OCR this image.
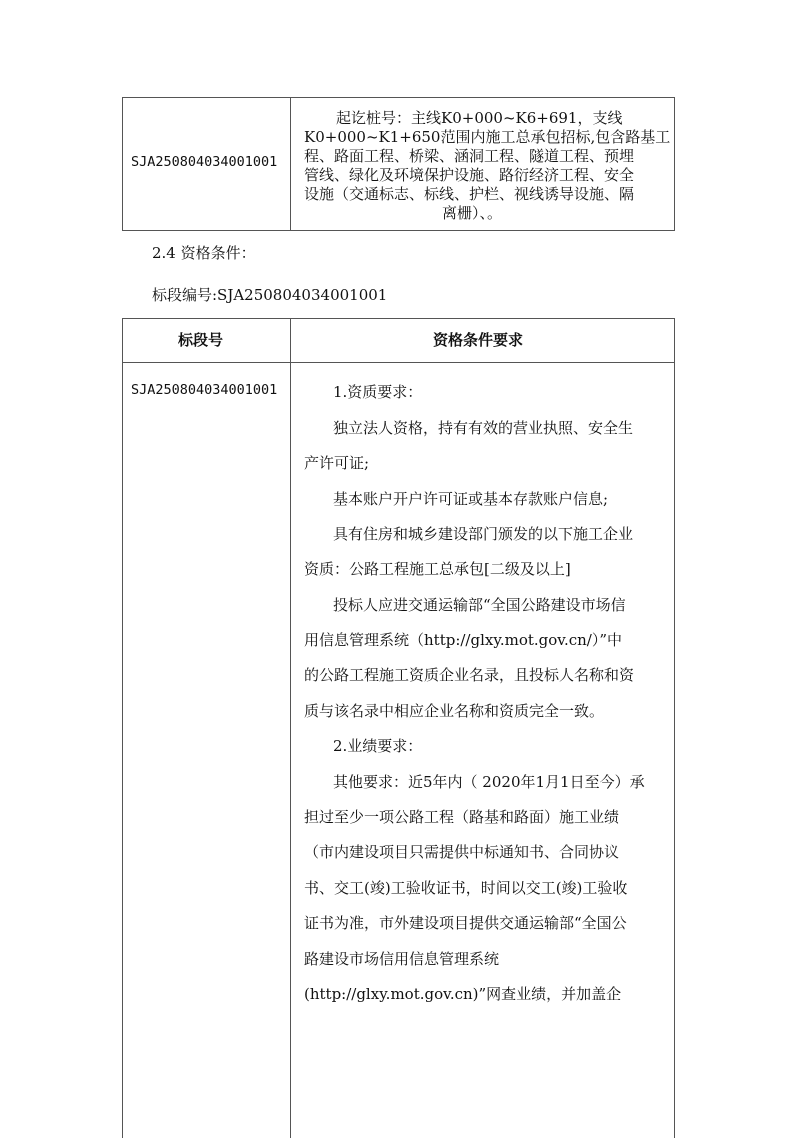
SJA250804034001001
起讫桩号：主线K0+000~K6+691，支线
K0+000~K1+650范围内施工总承包招标,包含路基工
程、路面工程、桥梁、涵洞工程、隧道工程、预埋
管线、绿化及环境保护设施、路衍经济工程、安全
设施（交通标志、标线、护栏、视线诱导设施、隔
离栅）、。
2.4 资格条件：
标段编号:SJA250804034001001
标段号	资格条件要求
SJA250804034001001	1.资质要求：
独立法人资格，持有有效的营业执照、安全生
产许可证;
基本账户开户许可证或基本存款账户信息;
具有住房和城乡建设部门颁发的以下施工企业
资质：公路工程施工总承包[二级及以上]
投标人应进交通运输部“全国公路建设市场信
用信息管理系统（http://glxy.mot.gov.cn/）”中
的公路工程施工资质企业名录，且投标人名称和资
质与该名录中相应企业名称和资质完全一致。
2.业绩要求：
其他要求：近5年内（ 2020年1月1日至今）承
担过至少一项公路工程（路基和路面）施工业绩
（市内建设项目只需提供中标通知书、合同协议
书、交工(竣)工验收证书，时间以交工(竣)工验收
证书为准，市外建设项目提供交通运输部“全国公
路建设市场信用信息管理系统
(http://glxy.mot.gov.cn)”网查业绩，并加盖企
